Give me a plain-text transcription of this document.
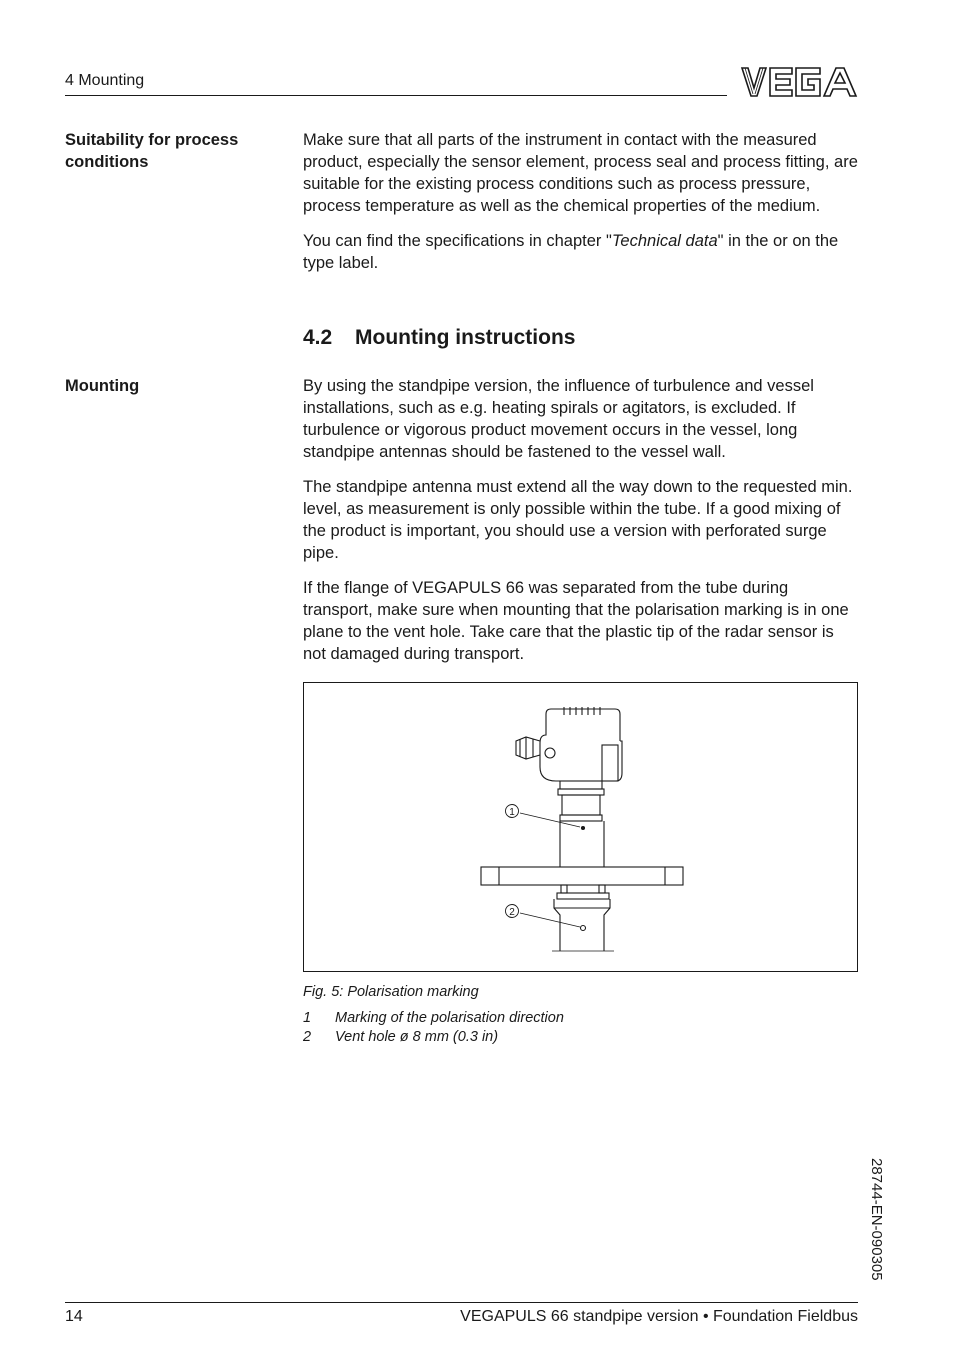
4 Mounting
Suitability for process conditions

Make sure that all parts of the instrument in contact with the measured product, especially the sensor element, process seal and process fitting, are suitable for the existing process conditions such as process pressure, process temperature as well as the chemical properties of the medium.

You can find the specifications in chapter "Technical data" in the or on the type label.

4.2 Mounting instructions
Mounting	By using the standpipe version, the influence of turbulence and vessel installations, such as e.g. heating spirals or agitators, is excluded. If turbulence or vigorous product movement occurs in the vessel, long standpipe antennas should be fastened to the vessel wall.

The standpipe antenna must extend all the way down to the requested min. level, as measurement is only possible within the tube. If a good mixing of the product is important, you should use a version with perforated surge pipe.

If the flange of VEGAPULS 66 was separated from the tube during transport, make sure when mounting that the polarisation marking is in one plane to the vent hole. Take care that the plastic tip of the radar sensor is not damaged during transport.

1
2
Fig. 5: Polarisation marking
1 Marking of the polarisation direction
2 Vent hole ø 8 mm (0.3 in)
28744-EN-090305
14	VEGAPULS 66 standpipe version • Foundation Fieldbus
